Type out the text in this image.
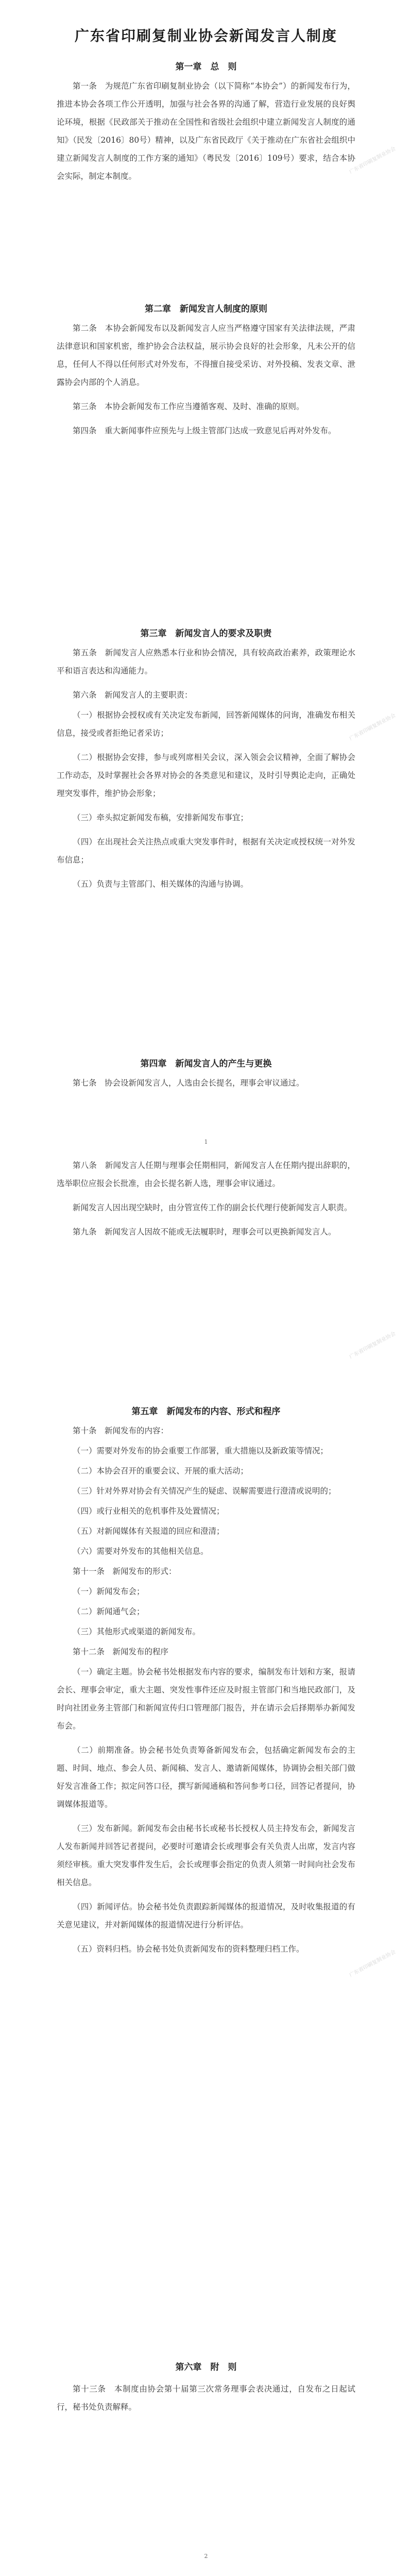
广东省印刷复制业协会新闻发言人制度
第一章　总　则

第一条　为规范广东省印刷复制业协会（以下简称“本协会”）的新闻发布行为，推进本协会各项工作公开透明，加强与社会各界的沟通了解，营造行业发展的良好舆论环境，根据《民政部关于推动在全国性和省级社会组织中建立新闻发言人制度的通知》（民发〔2016〕80号）精神，以及广东省民政厅《关于推动在广东省社会组织中建立新闻发言人制度的工作方案的通知》（粤民发〔2016〕109号）要求，结合本协会实际，制定本制度。

第二章　新闻发言人制度的原则

第二条　本协会新闻发布以及新闻发言人应当严格遵守国家有关法律法规，严肃法律意识和国家机密，维护协会合法权益，展示协会良好的社会形象，凡未公开的信息，任何人不得以任何形式对外发布，不得擅自接受采访、对外投稿、发表文章、泄露协会内部的个人消息。

第三条　本协会新闻发布工作应当遵循客观、及时、准确的原则。

第四条　重大新闻事件应预先与上级主管部门达成一致意见后再对外发布。

第三章　新闻发言人的要求及职责

第五条　新闻发言人应熟悉本行业和协会情况，具有较高政治素养，政策理论水平和语言表达和沟通能力。

第六条　新闻发言人的主要职责：

（一）根据协会授权或有关决定发布新闻，回答新闻媒体的问询，准确发布相关信息，接受或者拒绝记者采访；

（二）根据协会安排，参与或列席相关会议，深入领会会议精神，全面了解协会工作动态，及时掌握社会各界对协会的各类意见和建议，及时引导舆论走向，正确处理突发事件，维护协会形象；

（三）牵头拟定新闻发布稿，安排新闻发布事宜；

（四）在出现社会关注热点或重大突发事件时，根据有关决定或授权统一对外发布信息；

（五）负责与主管部门、相关媒体的沟通与协调。

第四章　新闻发言人的产生与更换

第七条　协会设新闻发言人，人选由会长提名，理事会审议通过。

1

第八条　新闻发言人任期与理事会任期相同，新闻发言人在任期内提出辞职的，选举职位应报会长批准，由会长提名新人选，理事会审议通过。

新闻发言人因出现空缺时，由分管宣传工作的副会长代理行使新闻发言人职责。

第九条　新闻发言人因故不能或无法履职时，理事会可以更换新闻发言人。

第五章　新闻发布的内容、形式和程序

第十条　新闻发布的内容：

（一）需要对外发布的协会重要工作部署，重大措施以及新政策等情况；

（二）本协会召开的重要会议、开展的重大活动；

（三）针对外界对协会有关情况产生的疑虑、误解需要进行澄清或说明的；

（四）或行业相关的危机事件及处置情况；

（五）对新闻媒体有关报道的回应和澄清；

（六）需要对外发布的其他相关信息。

第十一条　新闻发布的形式：

（一）新闻发布会；

（二）新闻通气会；

（三）其他形式或渠道的新闻发布。

第十二条　新闻发布的程序

（一）确定主题。协会秘书处根据发布内容的要求，编制发布计划和方案，报请会长、理事会审定，重大主题、突发性事件还应及时报主管部门和当地民政部门，及时向社团业务主管部门和新闻宣传归口管理部门报告，并在请示会后择期举办新闻发布会。

（二）前期准备。协会秘书处负责筹备新闻发布会，包括确定新闻发布会的主题、时间、地点、参会人员、新闻稿、发言人、邀请新闻媒体，协调协会相关部门做好发言准备工作；拟定问答口径，撰写新闻通稿和答问参考口径，回答记者提问，协调媒体报道等。

（三）发布新闻。新闻发布会由秘书长或秘书长授权人员主持发布会，新闻发言人发布新闻并回答记者提问，必要时可邀请会长或理事会有关负责人出席，发言内容须经审核。重大突发事件发生后，会长或理事会指定的负责人须第一时间向社会发布相关信息。

（四）新闻评估。协会秘书处负责跟踪新闻媒体的报道情况，及时收集报道的有关意见建议，并对新闻媒体的报道情况进行分析评估。

（五）资料归档。协会秘书处负责新闻发布的资料整理归档工作。

第六章　附　则

第十三条　本制度由协会第十届第三次常务理事会表决通过，自发布之日起试行，秘书处负责解释。

2
广东省印刷复制业协会
广东省印刷复制业协会
广东省印刷复制业协会
广东省印刷复制业协会
